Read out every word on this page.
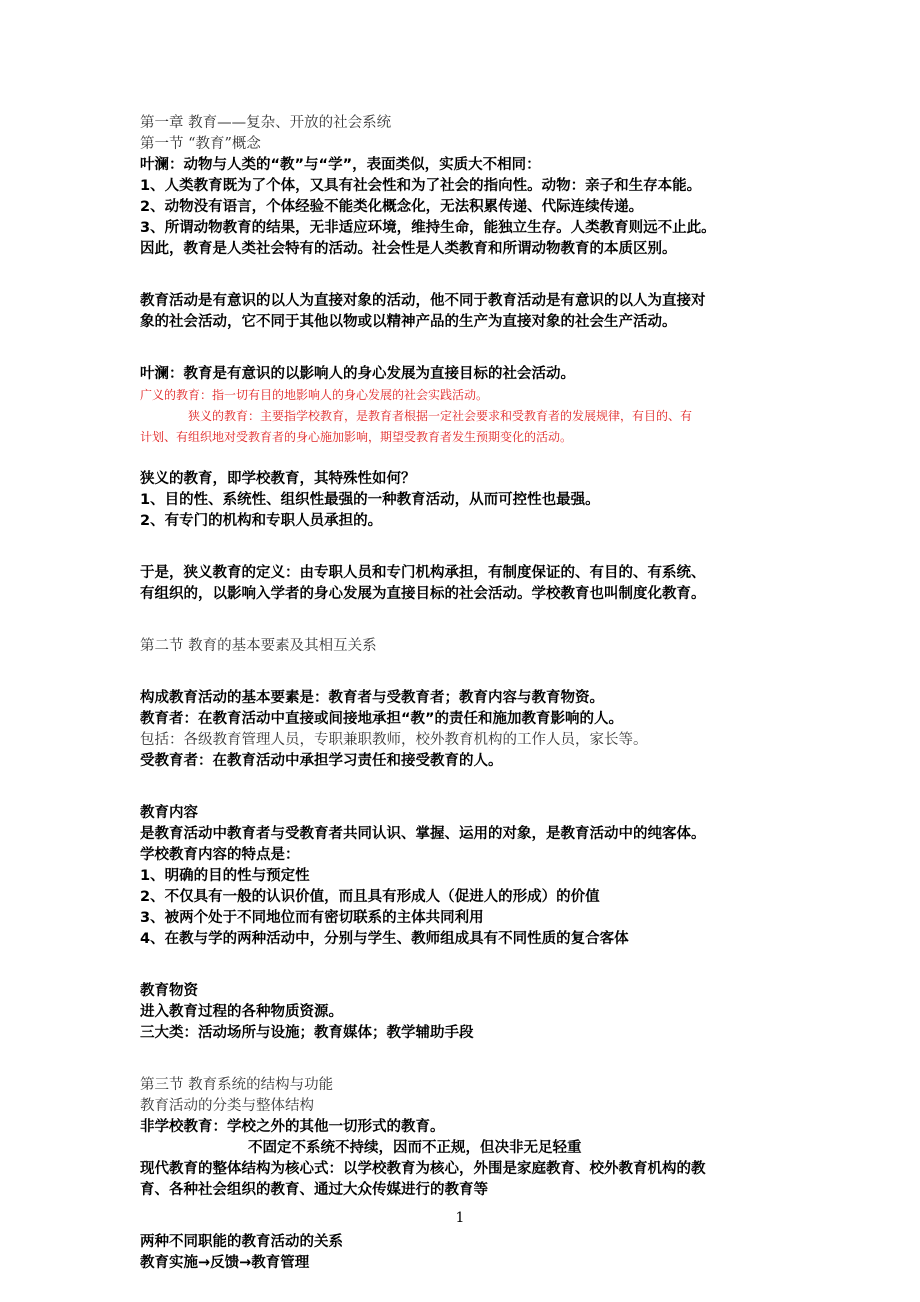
第一章 教育——复杂、开放的社会系统
第一节 “教育”概念
叶澜：动物与人类的“教”与“学”，表面类似，实质大不相同：
1、人类教育既为了个体，又具有社会性和为了社会的指向性。动物：亲子和生存本能。
2、动物没有语言，个体经验不能类化概念化，无法积累传递、代际连续传递。
3、所谓动物教育的结果，无非适应环境，维持生命，能独立生存。人类教育则远不止此。
因此，教育是人类社会特有的活动。社会性是人类教育和所谓动物教育的本质区别。
教育活动是有意识的以人为直接对象的活动，他不同于教育活动是有意识的以人为直接对
象的社会活动，它不同于其他以物或以精神产品的生产为直接对象的社会生产活动。
叶澜：教育是有意识的以影响人的身心发展为直接目标的社会活动。
广义的教育：指一切有目的地影响人的身心发展的社会实践活动。
狭义的教育：主要指学校教育，是教育者根据一定社会要求和受教育者的发展规律，有目的、有
计划、有组织地对受教育者的身心施加影响，期望受教育者发生预期变化的活动。
狭义的教育，即学校教育，其特殊性如何？
1、目的性、系统性、组织性最强的一种教育活动，从而可控性也最强。
2、有专门的机构和专职人员承担的。
于是，狭义教育的定义：由专职人员和专门机构承担，有制度保证的、有目的、有系统、
有组织的，以影响入学者的身心发展为直接目标的社会活动。学校教育也叫制度化教育。
第二节 教育的基本要素及其相互关系
构成教育活动的基本要素是：教育者与受教育者；教育内容与教育物资。
教育者：在教育活动中直接或间接地承担“教”的责任和施加教育影响的人。
包括：各级教育管理人员，专职兼职教师，校外教育机构的工作人员，家长等。
受教育者：在教育活动中承担学习责任和接受教育的人。
教育内容
是教育活动中教育者与受教育者共同认识、掌握、运用的对象，是教育活动中的纯客体。
学校教育内容的特点是：
1、明确的目的性与预定性
2、不仅具有一般的认识价值，而且具有形成人（促进人的形成）的价值
3、被两个处于不同地位而有密切联系的主体共同利用
4、在教与学的两种活动中，分别与学生、教师组成具有不同性质的复合客体
教育物资
进入教育过程的各种物质资源。
三大类：活动场所与设施；教育媒体；教学辅助手段
第三节 教育系统的结构与功能
教育活动的分类与整体结构
非学校教育：学校之外的其他一切形式的教育。
不固定不系统不持续，因而不正规，但决非无足轻重
现代教育的整体结构为核心式：以学校教育为核心，外围是家庭教育、校外教育机构的教
育、各种社会组织的教育、通过大众传媒进行的教育等
两种不同职能的教育活动的关系
教育实施→反馈→教育管理
1
